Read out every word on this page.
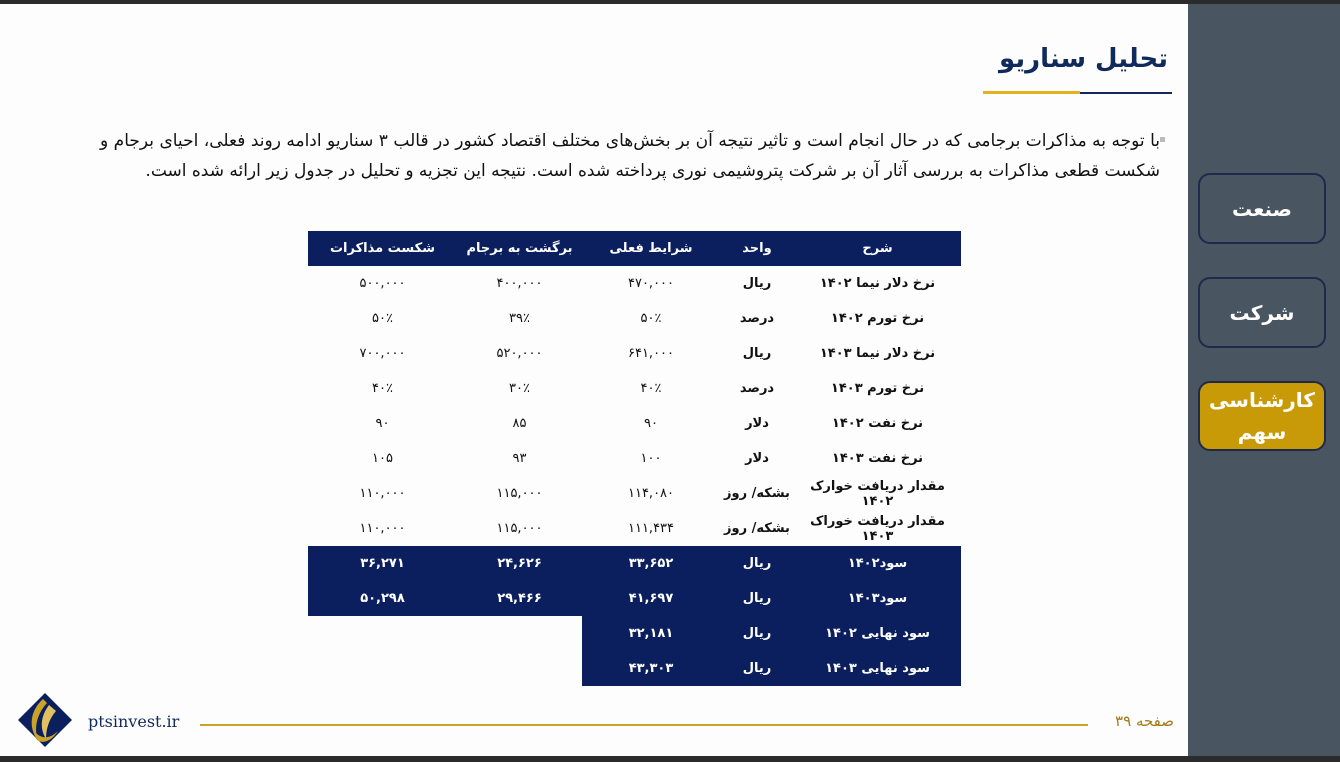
صنعت
شرکت
کارشناسی سهم
تحلیل سناریو
با توجه به مذاکرات برجامی که در حال انجام است و تاثیر نتیجه آن بر بخش‌های مختلف اقتصاد کشور در قالب ۳ سناریو ادامه روند فعلی، احیای برجام و شکست قطعی مذاکرات به بررسی آثار آن بر شرکت پتروشیمی نوری پرداخته شده است. نتیجه این تجزیه و تحلیل در جدول زیر ارائه شده است.
شرح	واحد	شرایط فعلی	برگشت به برجام	شکست مذاکرات
نرخ دلار نیما ۱۴۰۲	ریال	۴۷۰,۰۰۰	۴۰۰,۰۰۰	۵۰۰,۰۰۰
نرخ تورم ۱۴۰۲	درصد	۵۰٪	۳۹٪	۵۰٪
نرخ دلار نیما ۱۴۰۳	ریال	۶۴۱,۰۰۰	۵۲۰,۰۰۰	۷۰۰,۰۰۰
نرخ تورم ۱۴۰۳	درصد	۴۰٪	۳۰٪	۴۰٪
نرخ نفت ۱۴۰۲	دلار	۹۰	۸۵	۹۰
نرخ نفت ۱۴۰۳	دلار	۱۰۰	۹۳	۱۰۵
مقدار دریافت خوارک ۱۴۰۲	بشکه/ روز	۱۱۴,۰۸۰	۱۱۵,۰۰۰	۱۱۰,۰۰۰
مقدار دریافت خوراک ۱۴۰۳	بشکه/ روز	۱۱۱,۴۳۴	۱۱۵,۰۰۰	۱۱۰,۰۰۰
سود۱۴۰۲	ریال	۳۳,۶۵۲	۲۴,۶۲۶	۳۶,۲۷۱
سود۱۴۰۳	ریال	۴۱,۶۹۷	۲۹,۴۶۶	۵۰,۲۹۸
سود نهایی ۱۴۰۲	ریال	۳۲,۱۸۱		
سود نهایی ۱۴۰۳	ریال	۴۳,۳۰۳		
ptsinvest.ir	صفحه ۳۹
